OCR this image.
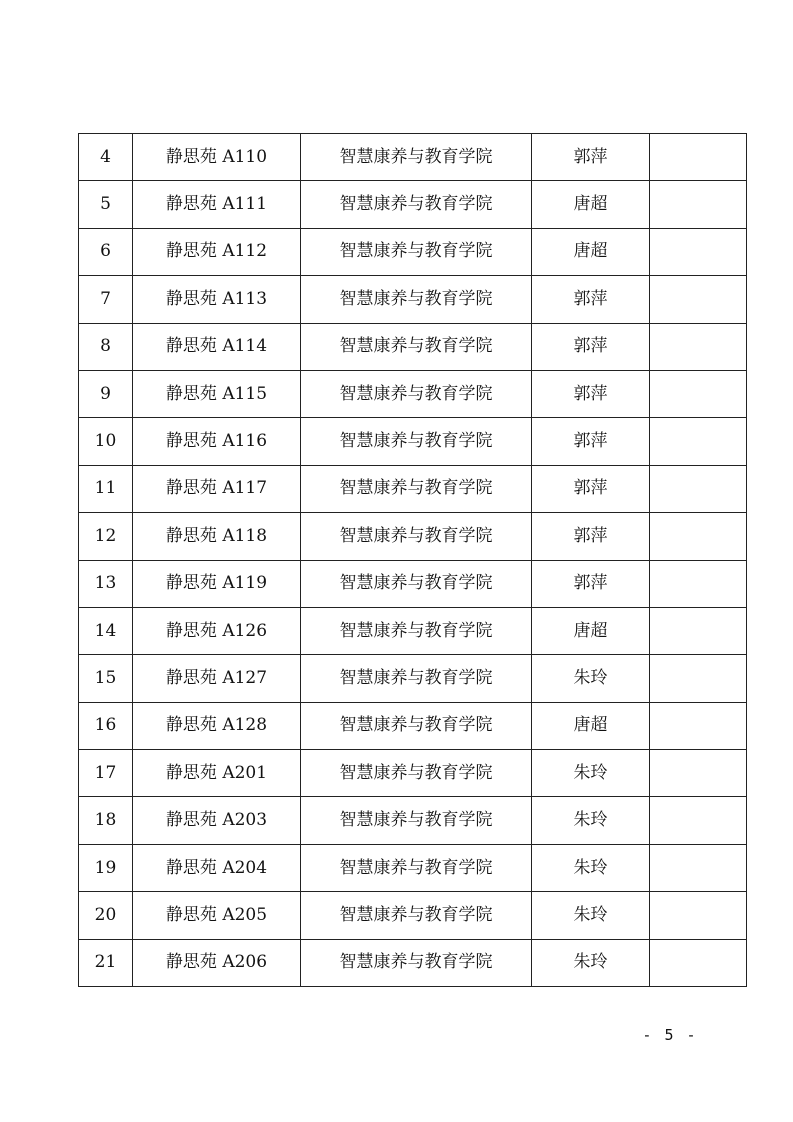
4	静思苑 A110	智慧康养与教育学院	郭萍	
5	静思苑 A111	智慧康养与教育学院	唐超	
6	静思苑 A112	智慧康养与教育学院	唐超	
7	静思苑 A113	智慧康养与教育学院	郭萍	
8	静思苑 A114	智慧康养与教育学院	郭萍	
9	静思苑 A115	智慧康养与教育学院	郭萍	
10	静思苑 A116	智慧康养与教育学院	郭萍	
11	静思苑 A117	智慧康养与教育学院	郭萍	
12	静思苑 A118	智慧康养与教育学院	郭萍	
13	静思苑 A119	智慧康养与教育学院	郭萍	
14	静思苑 A126	智慧康养与教育学院	唐超	
15	静思苑 A127	智慧康养与教育学院	朱玲	
16	静思苑 A128	智慧康养与教育学院	唐超	
17	静思苑 A201	智慧康养与教育学院	朱玲	
18	静思苑 A203	智慧康养与教育学院	朱玲	
19	静思苑 A204	智慧康养与教育学院	朱玲	
20	静思苑 A205	智慧康养与教育学院	朱玲	
21	静思苑 A206	智慧康养与教育学院	朱玲	
- 5 -
